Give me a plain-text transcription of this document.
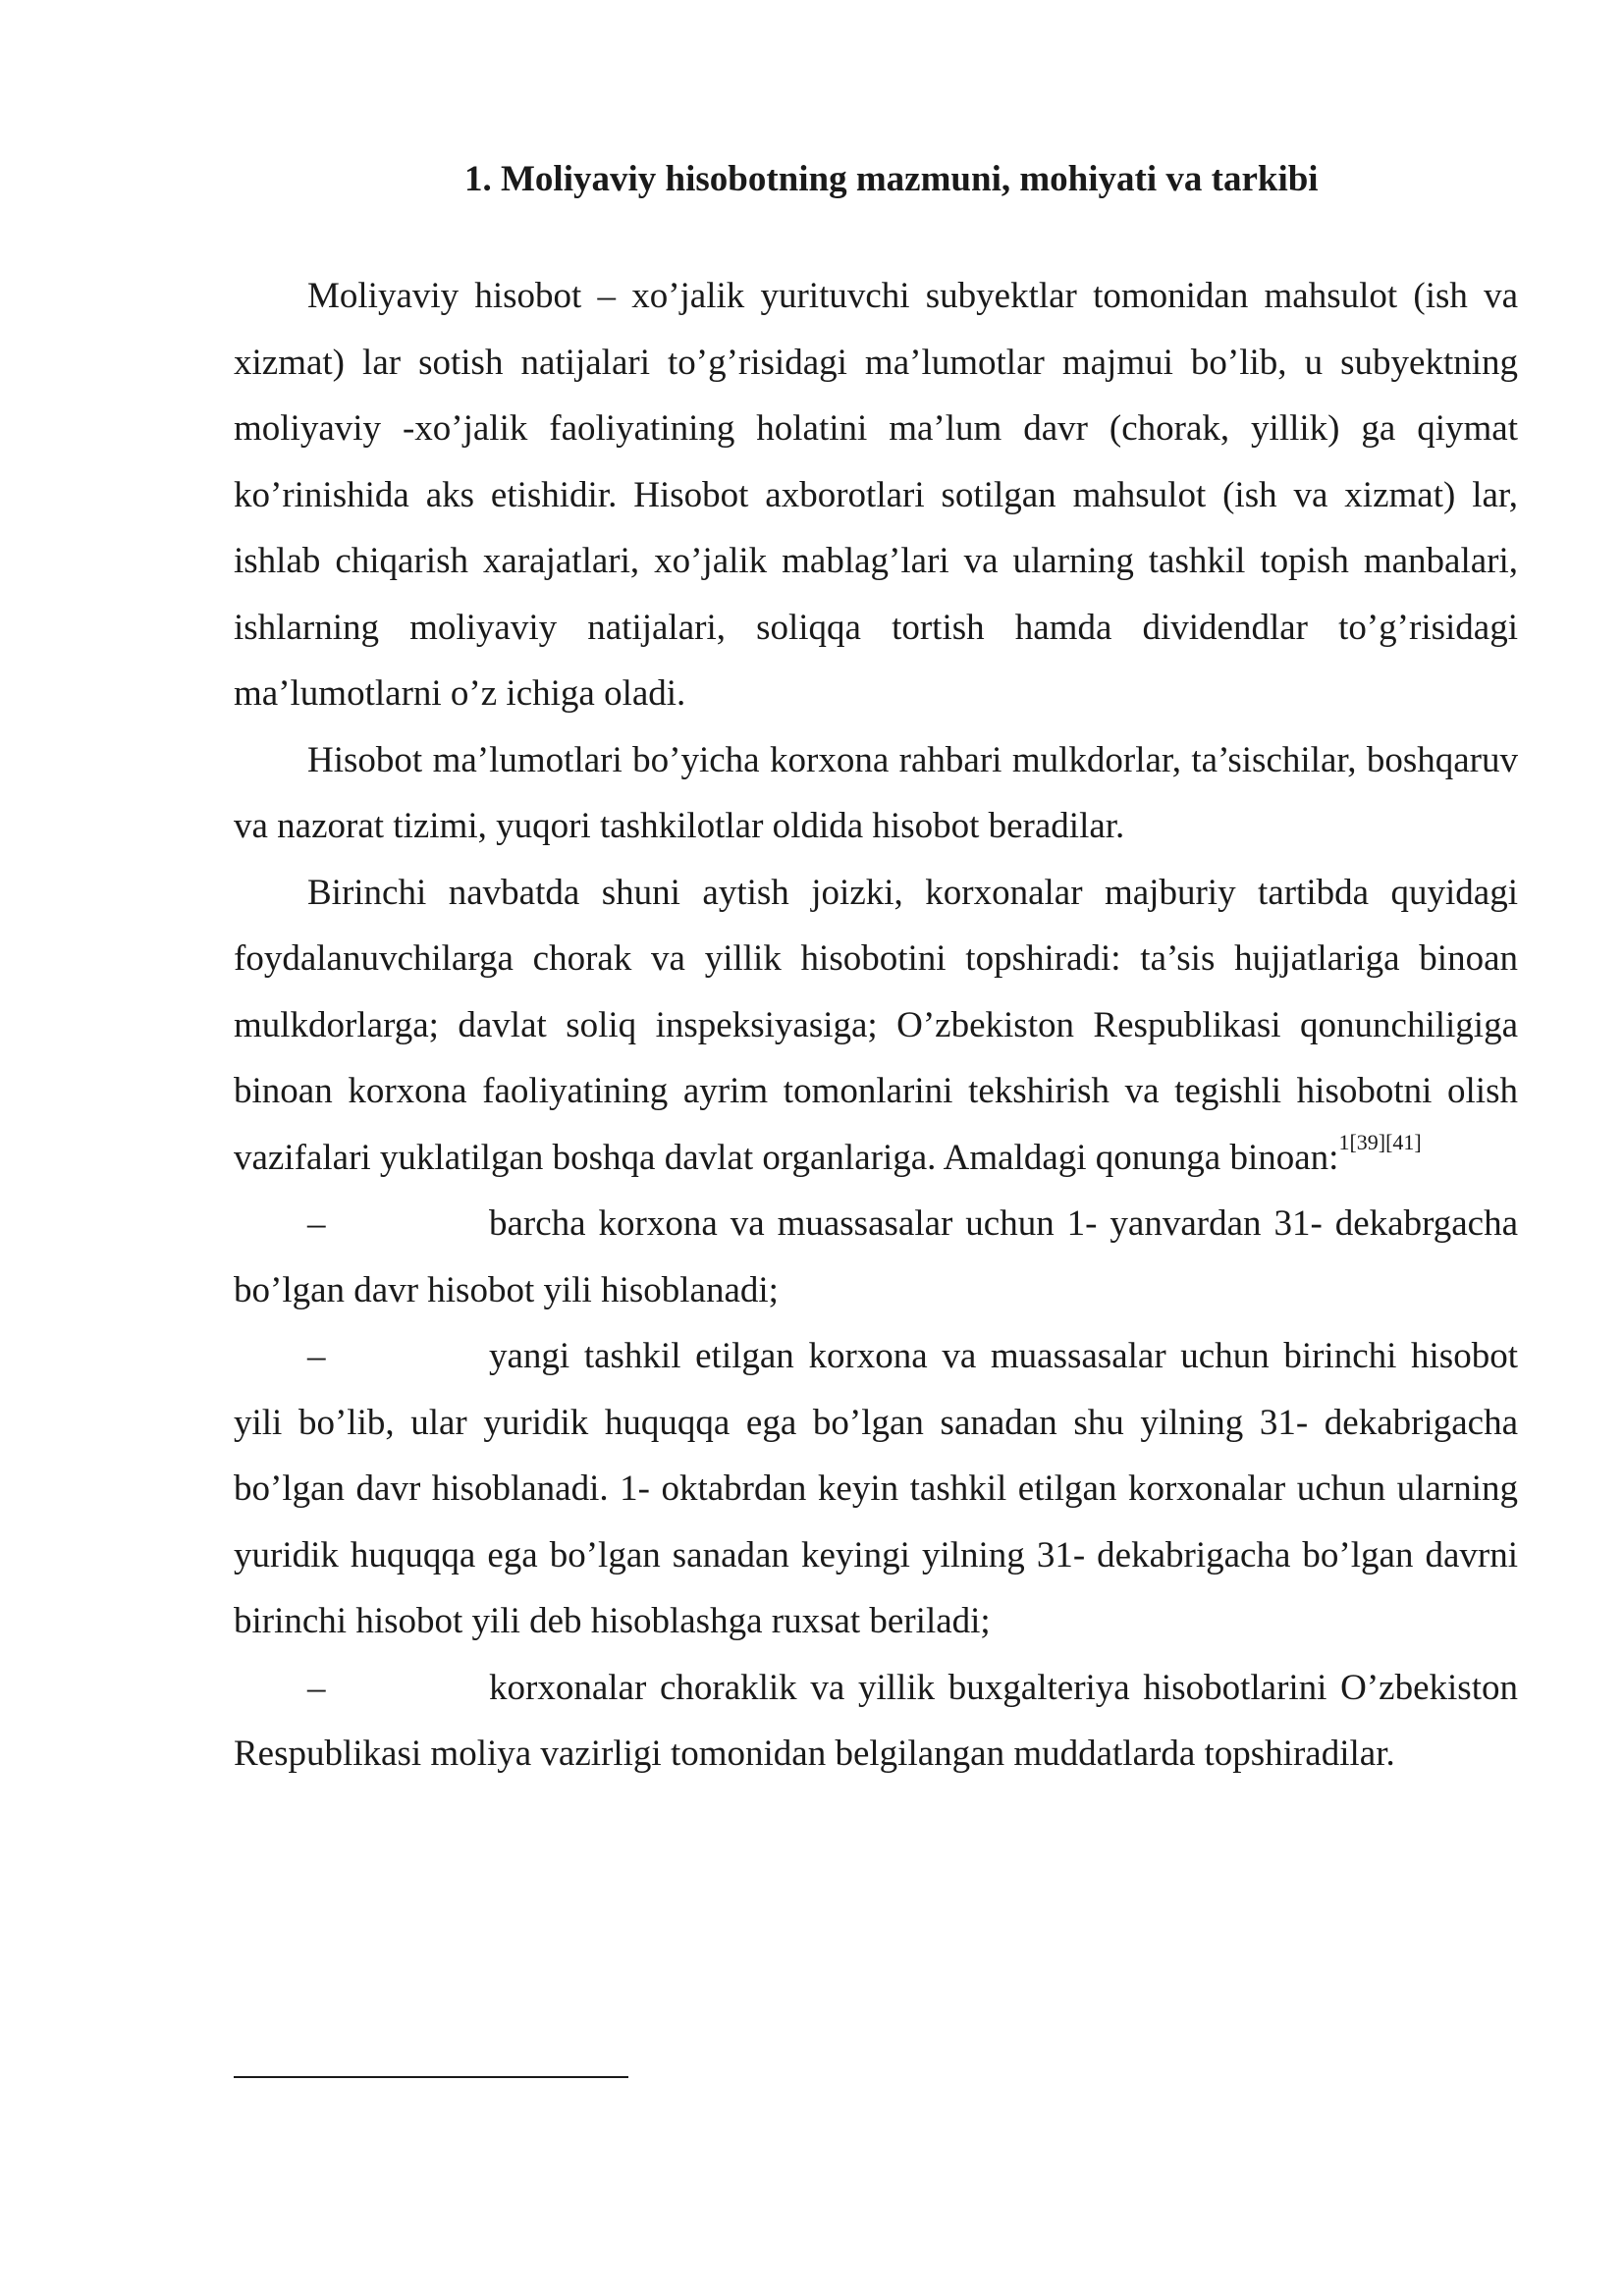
1. Moliyaviy hisobotning mazmuni, mohiyati va tarkibi

Moliyaviy hisobot – xo’jalik yurituvchi subyektlar tomonidan mahsulot (ish va xizmat) lar sotish natijalari to’g’risidagi ma’lumotlar majmui bo’lib, u subyektning moliyaviy -xo’jalik faoliyatining holatini ma’lum davr (chorak, yillik) ga qiymat ko’rinishida aks etishidir. Hisobot axborotlari sotilgan mahsulot (ish va xizmat) lar, ishlab chiqarish xarajatlari, xo’jalik mablag’lari va ularning tashkil topish manbalari, ishlarning moliyaviy natijalari, soliqqa tortish hamda dividendlar to’g’risidagi ma’lumotlarni o’z ichiga oladi.

Hisobot ma’lumotlari bo’yicha korxona rahbari mulkdorlar, ta’sischilar, boshqaruv va nazorat tizimi, yuqori tashkilotlar oldida hisobot beradilar.

Birinchi navbatda shuni aytish joizki, korxonalar majburiy tartibda quyidagi foydalanuvchilarga chorak va yillik hisobotini topshiradi: ta’sis hujjatlariga binoan mulkdorlarga; davlat soliq inspeksiyasiga; O’zbekiston Respublikasi qonunchiligiga binoan korxona faoliyatining ayrim tomonlarini tekshirish va tegishli hisobotni olish vazifalari yuklatilgan boshqa davlat organlariga. Amaldagi qonunga binoan:$^{1[39][41]}$

–	barcha korxona va muassasalar uchun 1- yanvardan 31- dekabrgacha bo’lgan davr hisobot yili hisoblanadi;

–	yangi tashkil etilgan korxona va muassasalar uchun birinchi hisobot yili bo’lib, ular yuridik huquqqa ega bo’lgan sanadan shu yilning 31- dekabrigacha bo’lgan davr hisoblanadi. 1- oktabrdan keyin tashkil etilgan korxonalar uchun ularning yuridik huquqqa ega bo’lgan sanadan keyingi yilning 31- dekabrigacha bo’lgan davrni birinchi hisobot yili deb hisoblashga ruxsat beriladi;

–	korxonalar choraklik va yillik buxgalteriya hisobotlarini O’zbekiston Respublikasi moliya vazirligi tomonidan belgilangan muddatlarda topshiradilar.
